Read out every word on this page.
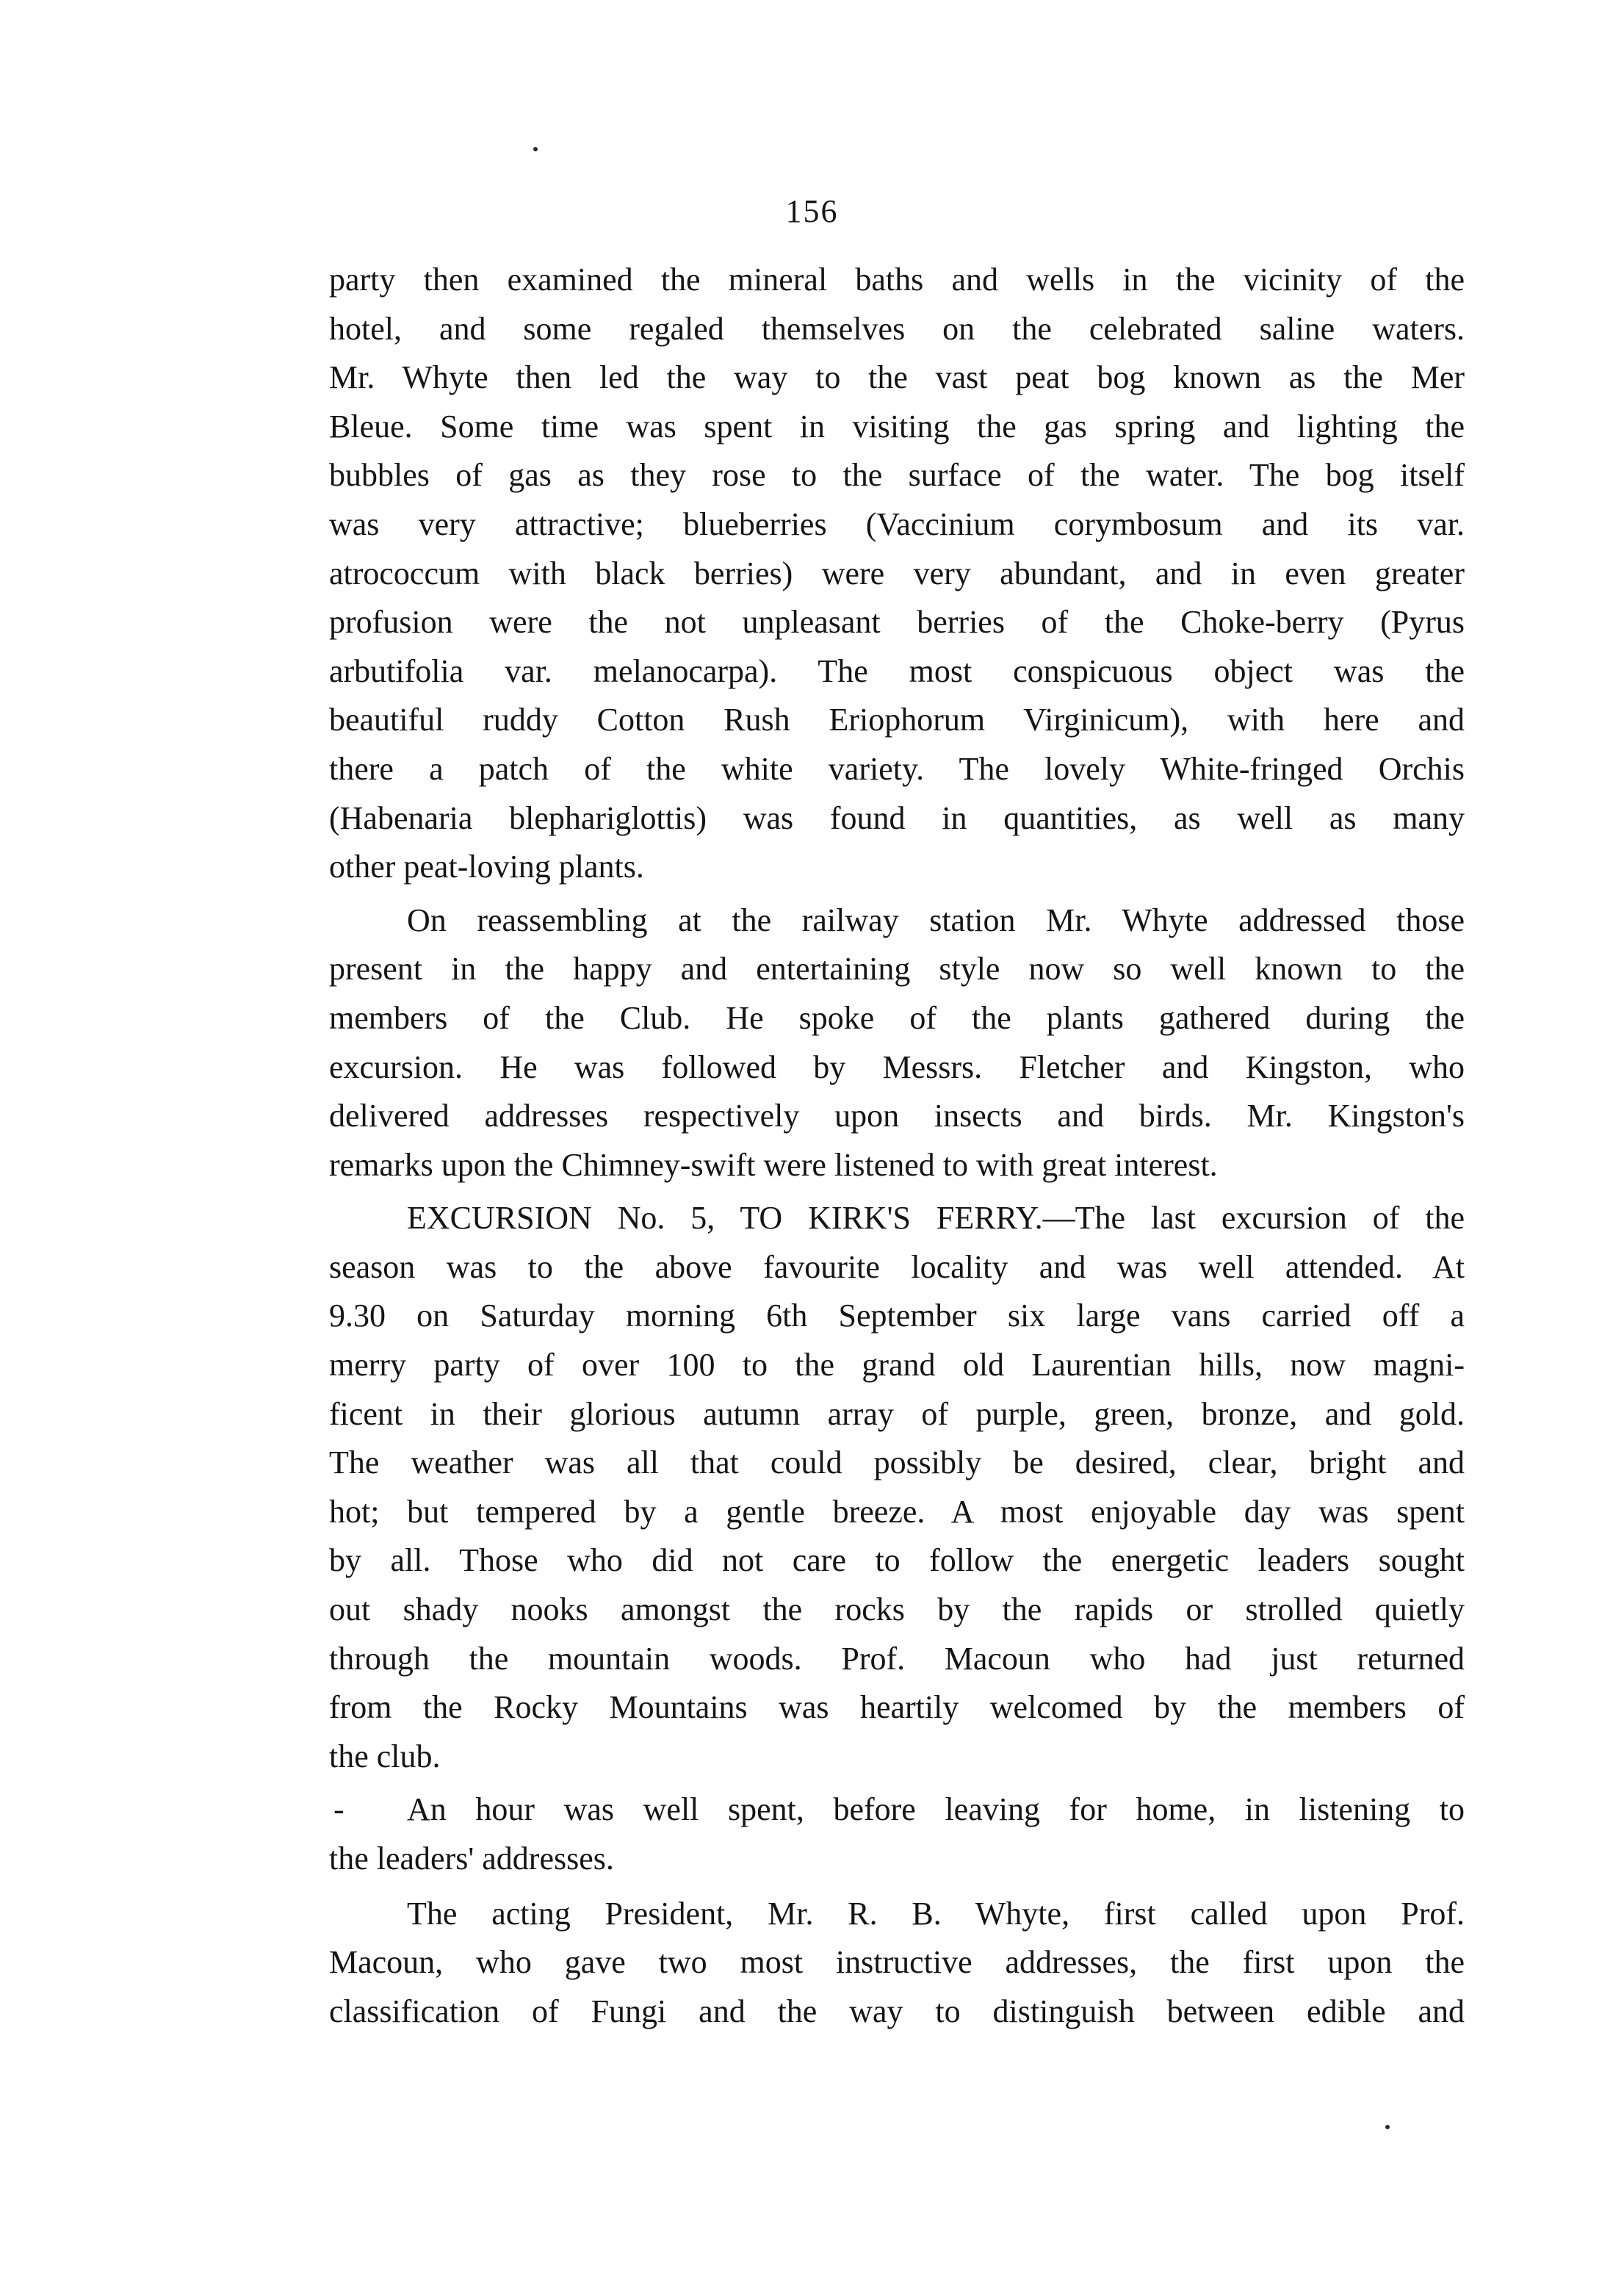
156
party then examined the mineral baths and wells in the vicinity of the
hotel, and some regaled themselves on the celebrated saline waters.
Mr. Whyte then led the way to the vast peat bog known as the Mer
Bleue. Some time was spent in visiting the gas spring and lighting the
bubbles of gas as they rose to the surface of the water. The bog itself
was very attractive; blueberries (Vaccinium corymbosum and its var.
atrococcum with black berries) were very abundant, and in even greater
profusion were the not unpleasant berries of the Choke-berry (Pyrus
arbutifolia var. melanocarpa). The most conspicuous object was the
beautiful ruddy Cotton Rush Eriophorum Virginicum), with here and
there a patch of the white variety. The lovely White-fringed Orchis
(Habenaria blephariglottis) was found in quantities, as well as many
other peat-loving plants.
On reassembling at the railway station Mr. Whyte addressed those
present in the happy and entertaining style now so well known to the
members of the Club. He spoke of the plants gathered during the
excursion. He was followed by Messrs. Fletcher and Kingston, who
delivered addresses respectively upon insects and birds. Mr. Kingston's
remarks upon the Chimney-swift were listened to with great interest.
EXCURSION No. 5, TO KIRK'S FERRY.—The last excursion of the
season was to the above favourite locality and was well attended. At
9.30 on Saturday morning 6th September six large vans carried off a
merry party of over 100 to the grand old Laurentian hills, now magni-
ficent in their glorious autumn array of purple, green, bronze, and gold.
The weather was all that could possibly be desired, clear, bright and
hot; but tempered by a gentle breeze. A most enjoyable day was spent
by all. Those who did not care to follow the energetic leaders sought
out shady nooks amongst the rocks by the rapids or strolled quietly
through the mountain woods. Prof. Macoun who had just returned
from the Rocky Mountains was heartily welcomed by the members of
the club.
- An hour was well spent, before leaving for home, in listening to
the leaders' addresses.
The acting President, Mr. R. B. Whyte, first called upon Prof.
Macoun, who gave two most instructive addresses, the first upon the
classification of Fungi and the way to distinguish between edible and
